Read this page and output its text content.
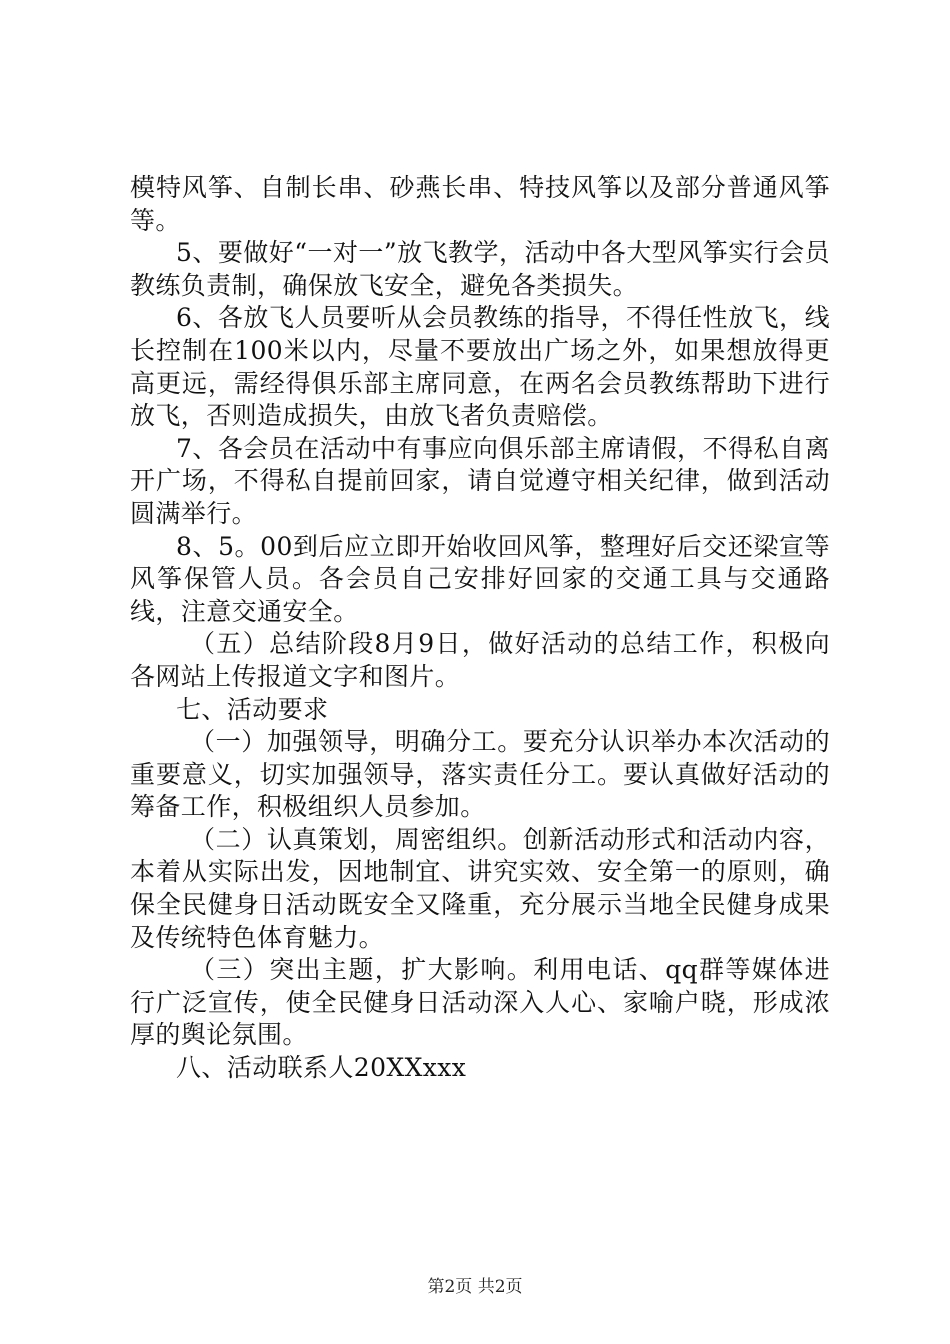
模特风筝、自制长串、砂燕长串、特技风筝以及部分普通风筝等。

5、要做好“一对一”放飞教学，活动中各大型风筝实行会员教练负责制，确保放飞安全，避免各类损失。

6、各放飞人员要听从会员教练的指导，不得任性放飞，线长控制在100米以内，尽量不要放出广场之外，如果想放得更高更远，需经得俱乐部主席同意，在两名会员教练帮助下进行放飞，否则造成损失，由放飞者负责赔偿。

7、各会员在活动中有事应向俱乐部主席请假，不得私自离开广场，不得私自提前回家，请自觉遵守相关纪律，做到活动圆满举行。

8、5。00到后应立即开始收回风筝，整理好后交还梁宣等风筝保管人员。各会员自己安排好回家的交通工具与交通路线，注意交通安全。

（五）总结阶段8月9日，做好活动的总结工作，积极向各网站上传报道文字和图片。

七、活动要求

（一）加强领导，明确分工。要充分认识举办本次活动的重要意义，切实加强领导，落实责任分工。要认真做好活动的筹备工作，积极组织人员参加。

（二）认真策划，周密组织。创新活动形式和活动内容，本着从实际出发，因地制宜、讲究实效、安全第一的原则，确保全民健身日活动既安全又隆重，充分展示当地全民健身成果及传统特色体育魅力。

（三）突出主题，扩大影响。利用电话、qq群等媒体进行广泛宣传，使全民健身日活动深入人心、家喻户晓，形成浓厚的舆论氛围。

八、活动联系人20XXxxx

第2页 共2页
